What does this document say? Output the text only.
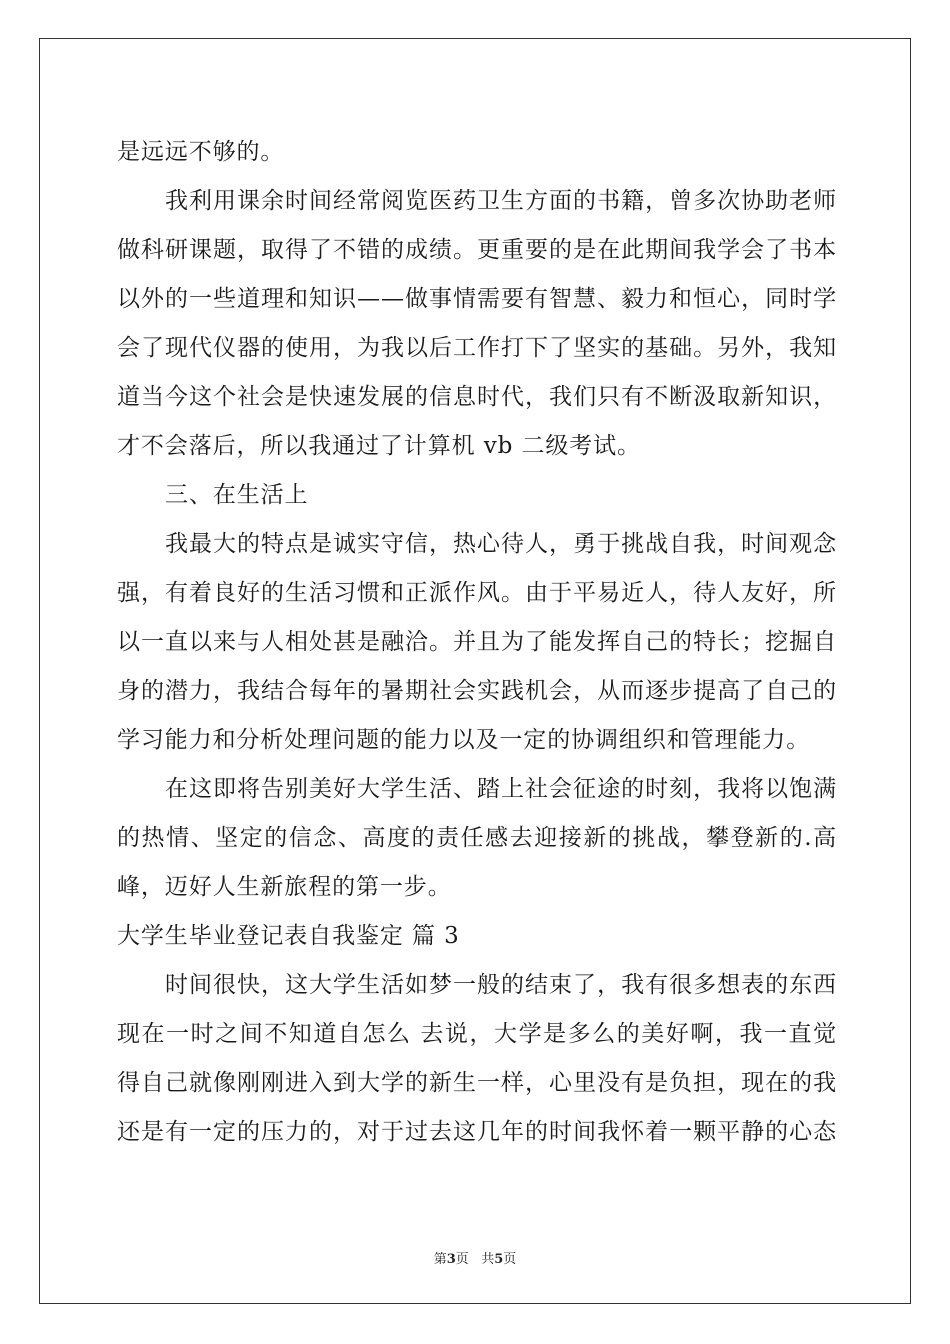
是远远不够的。
我利用课余时间经常阅览医药卫生方面的书籍，曾多次协助老师
做科研课题，取得了不错的成绩。更重要的是在此期间我学会了书本
以外的一些道理和知识——做事情需要有智慧、毅力和恒心，同时学
会了现代仪器的使用，为我以后工作打下了坚实的基础。另外，我知
道当今这个社会是快速发展的信息时代，我们只有不断汲取新知识，
才不会落后，所以我通过了计算机 vb 二级考试。
三、在生活上
我最大的特点是诚实守信，热心待人，勇于挑战自我，时间观念
强，有着良好的生活习惯和正派作风。由于平易近人，待人友好，所
以一直以来与人相处甚是融洽。并且为了能发挥自己的特长；挖掘自
身的潜力，我结合每年的暑期社会实践机会，从而逐步提高了自己的
学习能力和分析处理问题的能力以及一定的协调组织和管理能力。
在这即将告别美好大学生活、踏上社会征途的时刻，我将以饱满
的热情、坚定的信念、高度的责任感去迎接新的挑战，攀登新的.高
峰，迈好人生新旅程的第一步。
大学生毕业登记表自我鉴定 篇 3
时间很快，这大学生活如梦一般的结束了，我有很多想表的东西
现在一时之间不知道自怎么 去说，大学是多么的美好啊，我一直觉
得自己就像刚刚进入到大学的新生一样，心里没有是负担，现在的我
还是有一定的压力的，对于过去这几年的时间我怀着一颗平静的心态
第3页   共5页
